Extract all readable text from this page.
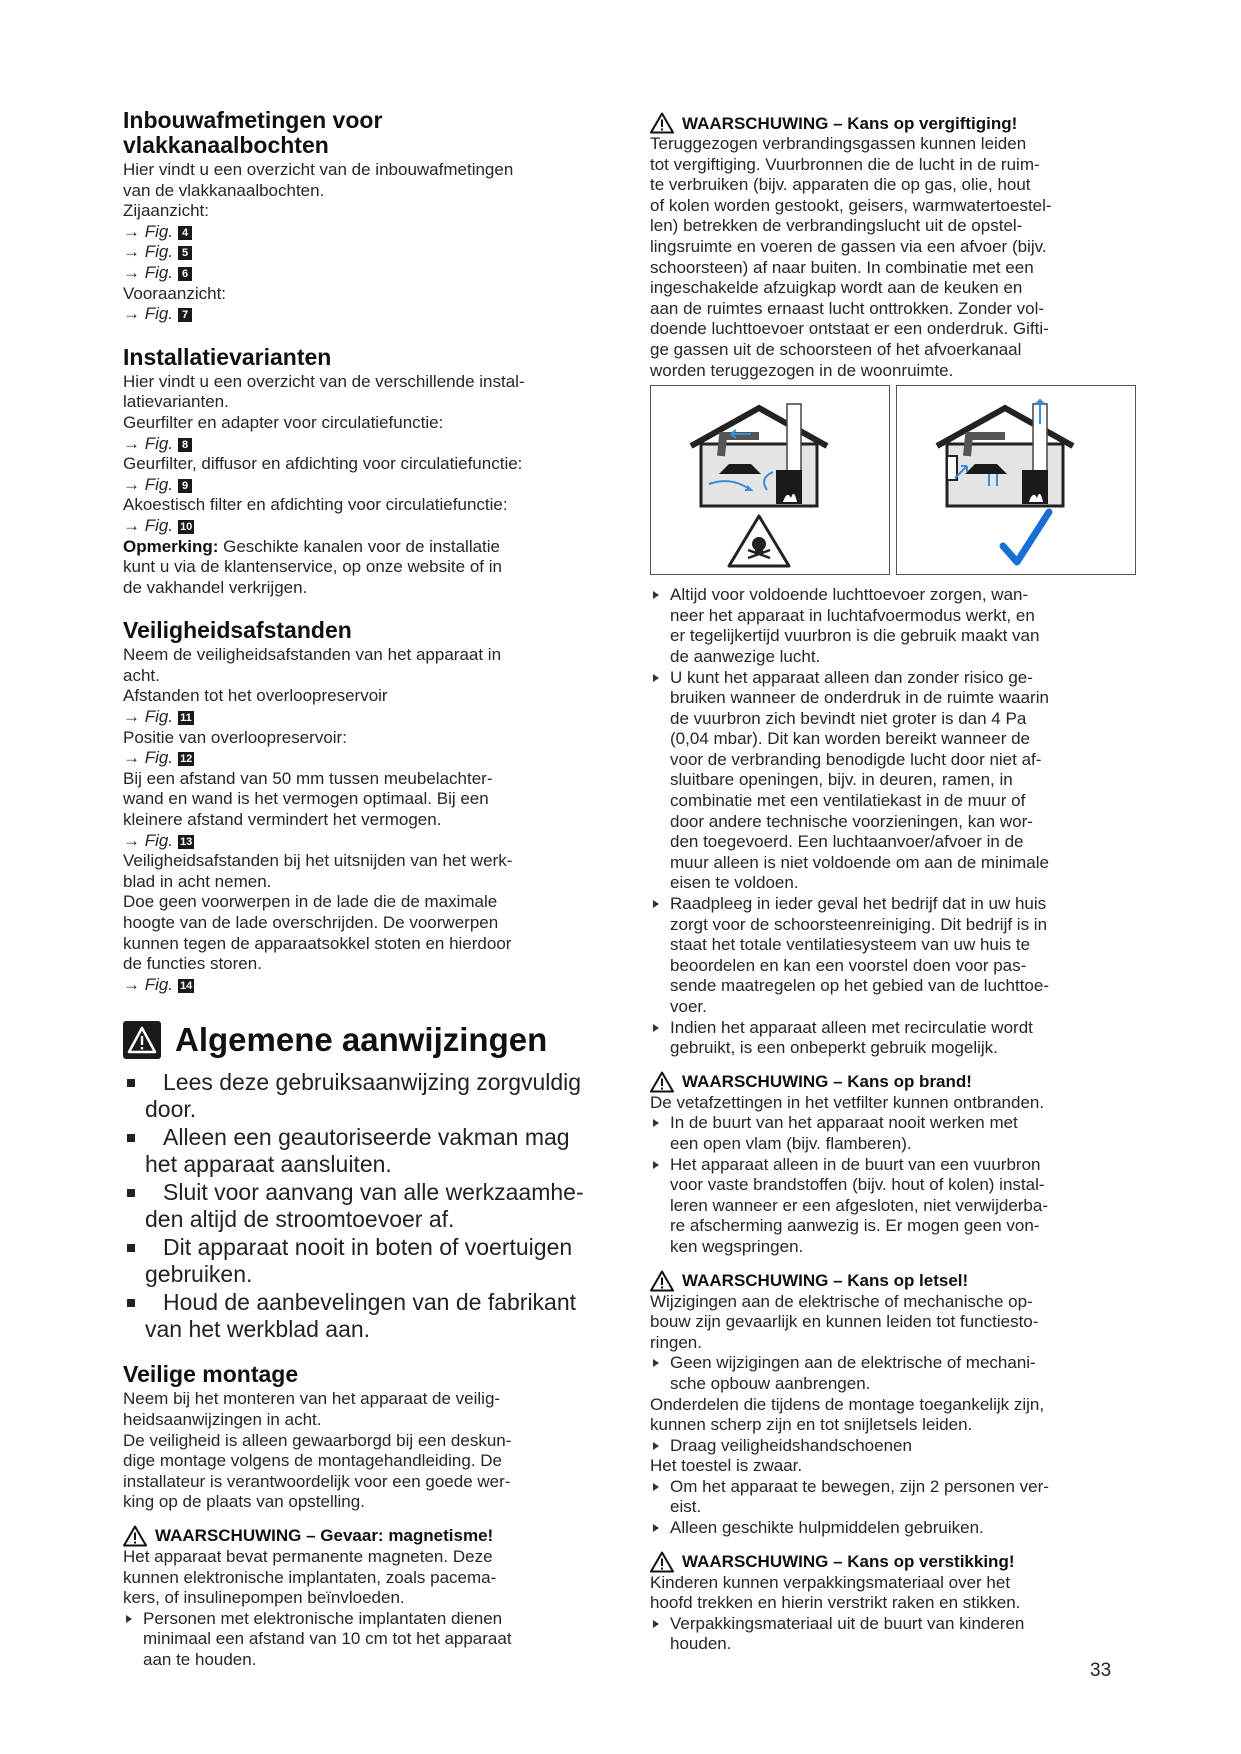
Inbouwafmetingen voor
vlakkanaalbochten
Hier vindt u een overzicht van de inbouwafmetingen
van de vlakkanaalbochten.
Zijaanzicht:
→ Fig. 4
→ Fig. 5
→ Fig. 6
Vooraanzicht:
→ Fig. 7
Installatievarianten
Hier vindt u een overzicht van de verschillende instal-
latievarianten.
Geurfilter en adapter voor circulatiefunctie:
→ Fig. 8
Geurfilter, diffusor en afdichting voor circulatiefunctie:
→ Fig. 9
Akoestisch filter en afdichting voor circulatiefunctie:
→ Fig. 10
Opmerking: Geschikte kanalen voor de installatie
kunt u via de klantenservice, op onze website of in
de vakhandel verkrijgen.
Veiligheidsafstanden
Neem de veiligheidsafstanden van het apparaat in
acht.
Afstanden tot het overloopreservoir
→ Fig. 11
Positie van overloopreservoir:
→ Fig. 12
Bij een afstand van 50 mm tussen meubelachter-
wand en wand is het vermogen optimaal. Bij een
kleinere afstand vermindert het vermogen.
→ Fig. 13
Veiligheidsafstanden bij het uitsnijden van het werk-
blad in acht nemen.
Doe geen voorwerpen in de lade die de maximale
hoogte van de lade overschrijden. De voorwerpen
kunnen tegen de apparaatsokkel stoten en hierdoor
de functies storen.
→ Fig. 14
Algemene aanwijzingen
Lees deze gebruiksaanwijzing zorgvuldig
door.
Alleen een geautoriseerde vakman mag
het apparaat aansluiten.
Sluit voor aanvang van alle werkzaamhe-
den altijd de stroomtoevoer af.
Dit apparaat nooit in boten of voertuigen
gebruiken.
Houd de aanbevelingen van de fabrikant
van het werkblad aan.
Veilige montage
Neem bij het monteren van het apparaat de veilig-
heidsaanwijzingen in acht.
De veiligheid is alleen gewaarborgd bij een deskun-
dige montage volgens de montagehandleiding. De
installateur is verantwoordelijk voor een goede wer-
king op de plaats van opstelling.
WAARSCHUWING – Gevaar: magnetisme!
Het apparaat bevat permanente magneten. Deze
kunnen elektronische implantaten, zoals pacema-
kers, of insulinepompen beïnvloeden.
Personen met elektronische implantaten dienen
minimaal een afstand van 10 cm tot het apparaat
aan te houden.
WAARSCHUWING – Kans op vergiftiging!
Teruggezogen verbrandingsgassen kunnen leiden
tot vergiftiging. Vuurbronnen die de lucht in de ruim-
te verbruiken (bijv. apparaten die op gas, olie, hout
of kolen worden gestookt, geisers, warmwatertoestel-
len) betrekken de verbrandingslucht uit de opstel-
lingsruimte en voeren de gassen via een afvoer (bijv.
schoorsteen) af naar buiten. In combinatie met een
ingeschakelde afzuigkap wordt aan de keuken en
aan de ruimtes ernaast lucht onttrokken. Zonder vol-
doende luchttoevoer ontstaat er een onderdruk. Gifti-
ge gassen uit de schoorsteen of het afvoerkanaal
worden teruggezogen in de woonruimte.
Altijd voor voldoende luchttoevoer zorgen, wan-
neer het apparaat in luchtafvoermodus werkt, en
er tegelijkertijd vuurbron is die gebruik maakt van
de aanwezige lucht.
U kunt het apparaat alleen dan zonder risico ge-
bruiken wanneer de onderdruk in de ruimte waarin
de vuurbron zich bevindt niet groter is dan 4 Pa
(0,04 mbar). Dit kan worden bereikt wanneer de
voor de verbranding benodigde lucht door niet af-
sluitbare openingen, bijv. in deuren, ramen, in
combinatie met een ventilatiekast in de muur of
door andere technische voorzieningen, kan wor-
den toegevoerd. Een luchtaanvoer/afvoer in de
muur alleen is niet voldoende om aan de minimale
eisen te voldoen.
Raadpleeg in ieder geval het bedrijf dat in uw huis
zorgt voor de schoorsteenreiniging. Dit bedrijf is in
staat het totale ventilatiesysteem van uw huis te
beoordelen en kan een voorstel doen voor pas-
sende maatregelen op het gebied van de luchttoe-
voer.
Indien het apparaat alleen met recirculatie wordt
gebruikt, is een onbeperkt gebruik mogelijk.
WAARSCHUWING – Kans op brand!
De vetafzettingen in het vetfilter kunnen ontbranden.
In de buurt van het apparaat nooit werken met
een open vlam (bijv. flamberen).
Het apparaat alleen in de buurt van een vuurbron
voor vaste brandstoffen (bijv. hout of kolen) instal-
leren wanneer er een afgesloten, niet verwijderba-
re afscherming aanwezig is. Er mogen geen von-
ken wegspringen.
WAARSCHUWING – Kans op letsel!
Wijzigingen aan de elektrische of mechanische op-
bouw zijn gevaarlijk en kunnen leiden tot functiesto-
ringen.
Geen wijzigingen aan de elektrische of mechani-
sche opbouw aanbrengen.
Onderdelen die tijdens de montage toegankelijk zijn,
kunnen scherp zijn en tot snijletsels leiden.
Draag veiligheidshandschoenen
Het toestel is zwaar.
Om het apparaat te bewegen, zijn 2 personen ver-
eist.
Alleen geschikte hulpmiddelen gebruiken.
WAARSCHUWING – Kans op verstikking!
Kinderen kunnen verpakkingsmateriaal over het
hoofd trekken en hierin verstrikt raken en stikken.
Verpakkingsmateriaal uit de buurt van kinderen
houden.
33
